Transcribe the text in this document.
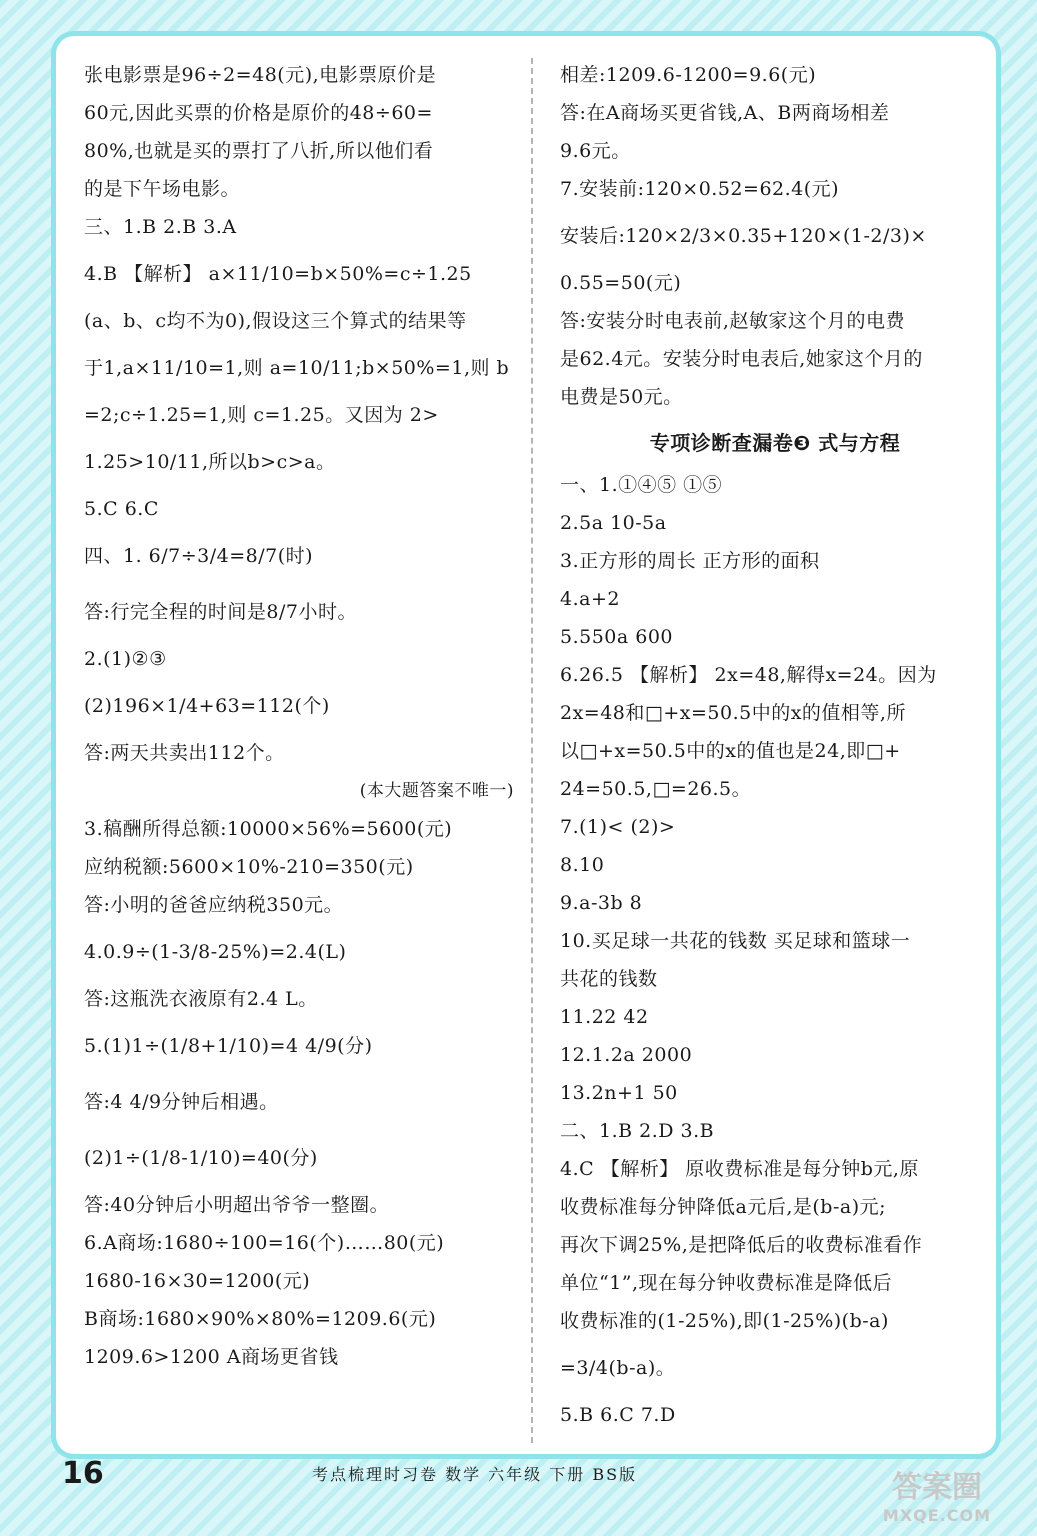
张电影票是96÷2=48(元),电影票原价是
60元,因此买票的价格是原价的48÷60=
80%,也就是买的票打了八折,所以他们看
的是下午场电影。
三、1.B 2.B 3.A
4.B 【解析】 a×11/10=b×50%=c÷1.25
(a、b、c均不为0),假设这三个算式的结果等
于1,a×11/10=1,则 a=10/11;b×50%=1,则 b
=2;c÷1.25=1,则 c=1.25。又因为 2>
1.25>10/11,所以b>c>a。
5.C 6.C
四、1. 6/7÷3/4=8/7(时)
答:行完全程的时间是8/7小时。
2.(1)②③
(2)196×1/4+63=112(个)
答:两天共卖出112个。
(本大题答案不唯一)
3.稿酬所得总额:10000×56%=5600(元)
应纳税额:5600×10%-210=350(元)
答:小明的爸爸应纳税350元。
4.0.9÷(1-3/8-25%)=2.4(L)
答:这瓶洗衣液原有2.4 L。
5.(1)1÷(1/8+1/10)=4 4/9(分)
答:4 4/9分钟后相遇。
(2)1÷(1/8-1/10)=40(分)
答:40分钟后小明超出爷爷一整圈。
6.A商场:1680÷100=16(个)……80(元)
1680-16×30=1200(元)
B商场:1680×90%×80%=1209.6(元)
1209.6>1200 A商场更省钱
相差:1209.6-1200=9.6(元)
答:在A商场买更省钱,A、B两商场相差
9.6元。
7.安装前:120×0.52=62.4(元)
安装后:120×2/3×0.35+120×(1-2/3)×
0.55=50(元)
答:安装分时电表前,赵敏家这个月的电费
是62.4元。安装分时电表后,她家这个月的
电费是50元。
专项诊断查漏卷❸ 式与方程
一、1.①④⑤ ①⑤
2.5a 10-5a
3.正方形的周长 正方形的面积
4.a+2
5.550a 600
6.26.5 【解析】 2x=48,解得x=24。因为
2x=48和□+x=50.5中的x的值相等,所
以□+x=50.5中的x的值也是24,即□+
24=50.5,□=26.5。
7.(1)< (2)>
8.10
9.a-3b 8
10.买足球一共花的钱数 买足球和篮球一
共花的钱数
11.22 42
12.1.2a 2000
13.2n+1 50
二、1.B 2.D 3.B
4.C 【解析】 原收费标准是每分钟b元,原
收费标准每分钟降低a元后,是(b-a)元;
再次下调25%,是把降低后的收费标准看作
单位“1”,现在每分钟收费标准是降低后
收费标准的(1-25%),即(1-25%)(b-a)
=3/4(b-a)。
5.B 6.C 7.D
16	考点梳理时习卷 数学 六年级 下册 BS版	答案圈
MXQE.COM
